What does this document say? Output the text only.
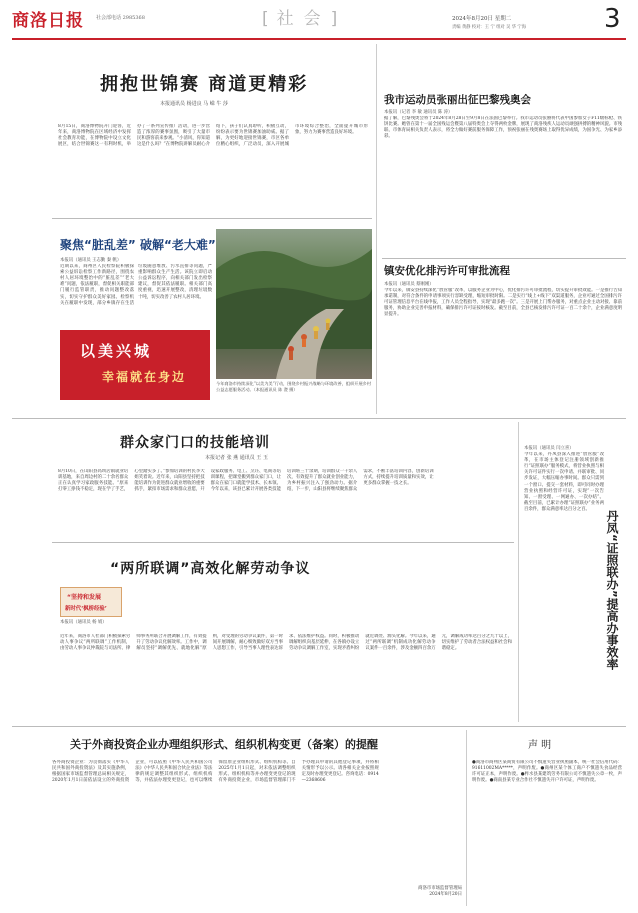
商洛日报 社会部电话 2985368	[ 社会]	2024年8月20日 星期二
责编 黄静 校对：王 宁 组对 吴 华 宁海	3
拥抱世锦赛 商道更精彩
本报通讯员 杨进良 马 嵘 牛 莎
8月15日，商洛博物院开门迎客，近年来，商洛博物院在区域经济中发挥社会教育功能，在博物院中设立文化展区，结合世锦赛这一有利时机，举办了一系列宣传推广活动，进一步营造了浓厚的赛事氛围，吸引了大量市民和游客前来参观。“小清风，你知道这是什么吗？”在博物院讲解员耐心介绍下，孩子们认真聆听，积极互动，纷纷表示要为世锦赛加油助威。据了解，为更好地迎接世锦赛，市区各单位精心组织，广泛动员，深入开展城市环境综合整治，全面提升城市形象，努力为赛事营造良好环境。
聚焦“脏乱差” 破解“老大难”
本报讯（通讯员 王志勤 秦 帆）
近期以来，商州区人民检察院积极探索公益诉讼检察工作新路径，围绕农村人居环境整治中的“脏乱差”“老大难”问题，依法履职，督促相关职能部门履行监管职责，推动问题整改落实，切实守护群众美好家园。检察机关在履职中发现，部分乡镇存在生活垃圾随意堆放、污水直排等问题，严重影响群众生产生活。该院立即启动公益诉讼程序，向相关部门发出检察建议，督促其依法履职。相关部门高度重视，迅速开展整改，清理垃圾数十吨，切实改善了农村人居环境。
今年商洛市持续深化“以美为美”行动，围绕乡村振兴战略与环境改善，组织开展乡村公益志愿服务活动。（本报通讯员 陈 澄 摄）
以美兴城
幸福就在身边
我市运动员张丽出征巴黎残奥会
本报讯（记者 李 敏 通讯员 陈 涛）
据了解，巴黎残奥会将于2024年8月28日至9月8日在法国巴黎举行。我市运动员张丽将代表中国参加女子F11级标枪、铁饼比赛。她曾在第十一届全国残运会暨第八届特奥会上夺得两枚金牌，展现了商洛残疾人运动员顽强拼搏的精神风貌。市残联、市体育局相关负责人表示，将全力做好赛前服务保障工作，预祝张丽在残奥赛场上取得优异成绩，为国争光、为家乡添彩。
镇安优化排污许可审批流程
本报讯（通讯员 蔡刚刚）
今年以来，镇安县持续深化“放管服”改革，以服务企业为中心，优化排污许可审批流程，切实提升审批效能。一是推行告知承诺制，对符合条件的申请事项实行容缺受理，缩短审批时限。二是实行“线上+线下”双渠道服务，企业可通过全国排污许可证管理信息平台在线申报，工作人员全程指导，实现“最多跑一次”。三是开展上门帮办服务，对重点企业主动对接、靠前服务，协助企业完善申报材料，确保排污许可证按时核发。截至目前，全县已核发排污许可证一百二十余个，企业满意度明显提升。
群众家门口的技能培训
本报记者 张 燕 通讯员 王 玉
8月10日，在山阳县高坝店镇就业培训基地，来自周边村的二十余名群众正在认真学习家政服务技能。“原来打零工挣钱不稳定，现在学了手艺，心里踏实多了。”参加培训的村民李大姐笑着说。近年来，山阳县坚持把技能培训作为促进群众就业增收的重要抓手，紧扣市场需求和群众意愿，开设家政服务、电工、烹饪、电商等培训课程，把课堂搬到群众家门口，让群众在家门口就能学技术、长本领。今年以来，该县已累计开展各类技能培训班三十余期，培训群众一千余人次，有效提升了群众就业创业能力，为乡村振兴注入了强劲动力。据介绍，下一步，山阳县将继续聚焦群众需求，不断丰富培训内容，创新培训方式，持续提升培训质量和实效，让更多群众掌握一技之长。
“两所联调”高效化解劳动争议
“坚持和发展
新时代‘枫桥经验’
本报讯（通讯员 杨 娟）
近年来，商洛市人社部门积极探索劳动人事争议“两所联调”工作机制，由劳动人事争议仲裁院与司法所、律师事务所联合开展调解工作，有效提升了劳动争议化解效率。工作中，调解员坚持“调解优先、就地化解”原则，对受理的劳动争议案件，第一时间开展调解，耐心细致做好双方当事人思想工作，引导当事人理性表达诉求、依法维护权益。同时，积极推动调解组织向基层延伸，在各镇办设立劳动争议调解工作室，实现矛盾纠纷就近调处、源头化解。今年以来，通过“两所联调”机制成功化解劳动争议案件一百余件，涉及金额四百余万元，调解成功率达百分之九十以上，切实维护了劳动者合法权益和社会和谐稳定。
本报讯（通讯员 闫立喜）
今年以来，丹凤县深入推进“放管服”改革，在市场主体登记注册领域创新推行“证照联办”服务模式，将营业执照与相关许可证件实行一次申请、并联审批、同步发证，大幅压缩办事时间。群众只需到一个窗口、提交一套材料，即可同时办理营业执照和经营许可证，实现“一次告知、一窗受理、一网通办、一次办结”。截至目前，已累计办理“证照联办”业务两百余件，群众满意率达百分之百。
丹凤“证照联办”提高办事效率
关于外商投资企业办理组织形式、组织机构变更（备案）的提醒
各外商投资企业：为贯彻落实《中华人民共和国外商投资法》及其实施条例，根据国家市场监督管理总局相关规定，2020年1月1日前依法设立的外商投资企业，可以依照《中华人民共和国公司法》《中华人民共和国合伙企业法》等法律的规定调整其组织形式、组织机构等，并依法办理变更登记，也可以继续保留原企业组织形式、组织机构等。自2025年1月1日起，对未依法调整组织形式、组织机构等并办理变更登记的现有外商投资企业，市场监督管理部门不予办理其申请的其他登记事项，并将相关情形予以公示。请各相关企业按照规定及时办理变更登记。咨询电话：0914—2368606
商洛市市场监督管理局
2024年8月20日
声 明
●商洛市商州区某商贸有限公司不慎遗失营业执照副本，统一社会信用代码：91611002MA*****，声明作废。●商州区某个体工商户不慎遗失食品经营许可证正本，声明作废。●柞水县某建筑劳务有限公司不慎遗失公章一枚，声明作废。●商南县某专业合作社不慎遗失开户许可证，声明作废。
